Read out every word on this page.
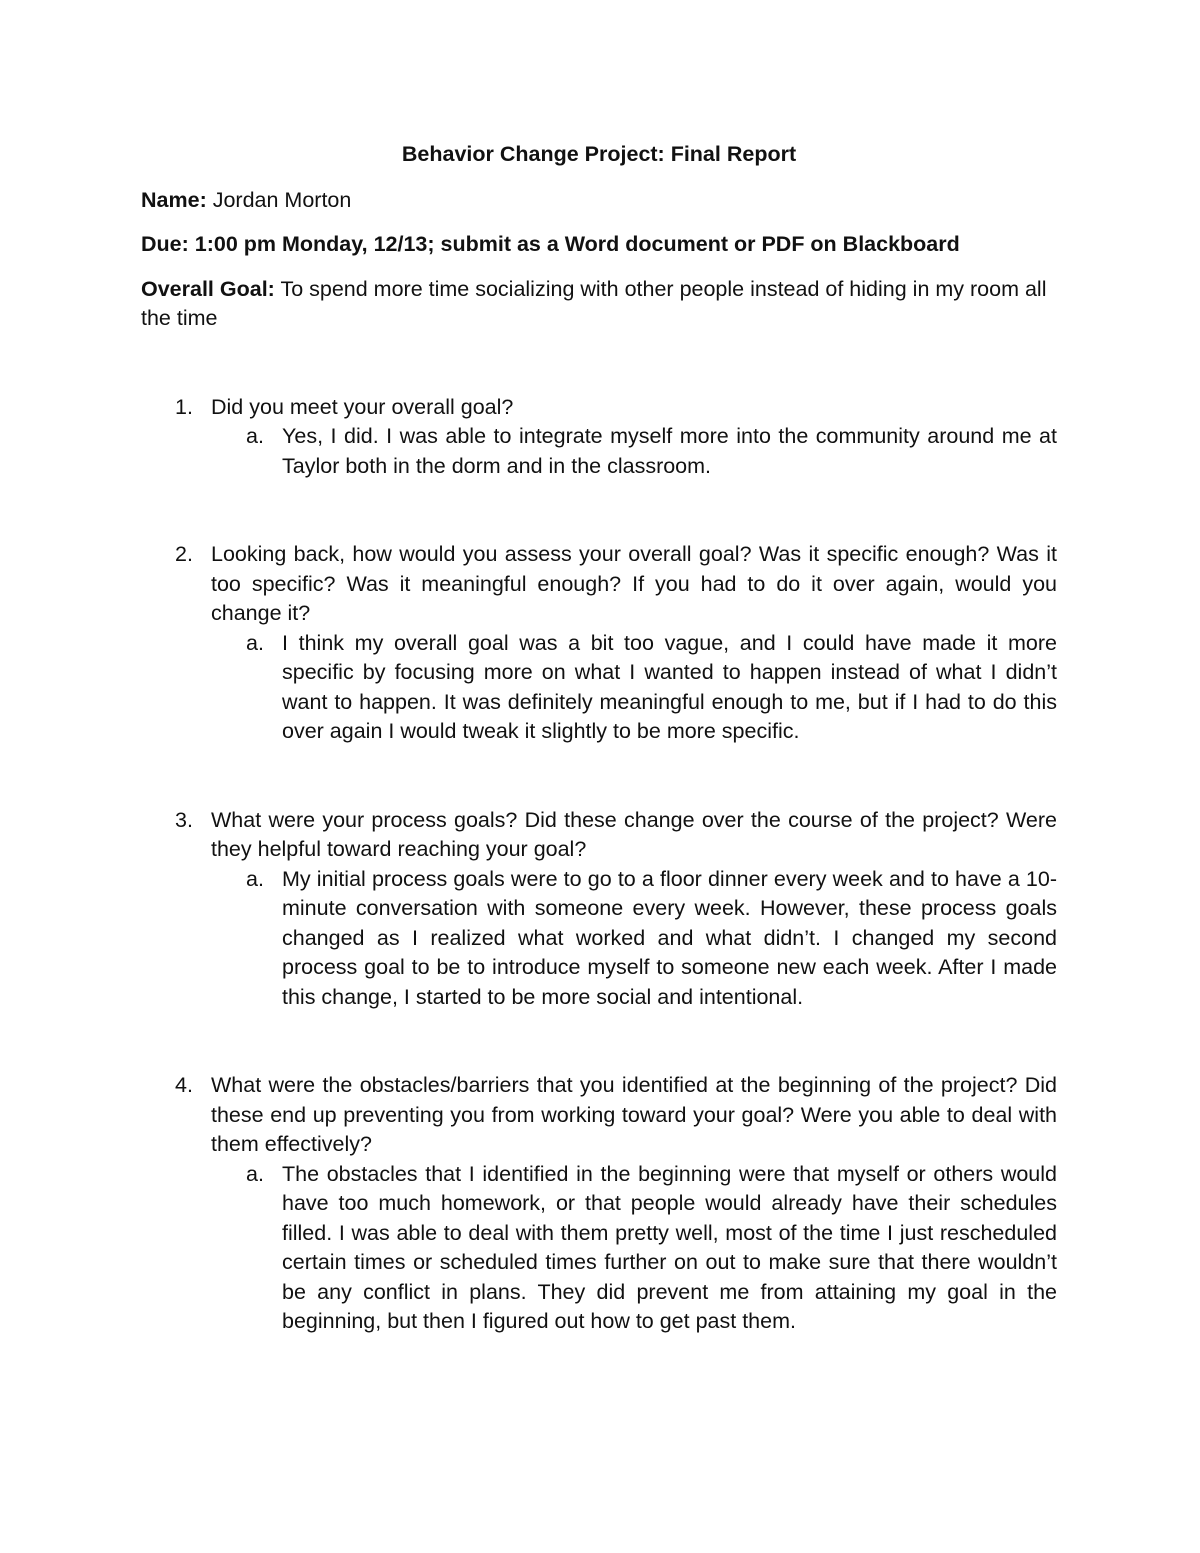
Behavior Change Project: Final Report
Name: Jordan Morton
Due: 1:00 pm Monday, 12/13; submit as a Word document or PDF on Blackboard
Overall Goal: To spend more time socializing with other people instead of hiding in my room all the time
1. Did you meet your overall goal?
a. Yes, I did. I was able to integrate myself more into the community around me at Taylor both in the dorm and in the classroom.
2. Looking back, how would you assess your overall goal? Was it specific enough? Was it too specific? Was it meaningful enough? If you had to do it over again, would you change it?
a. I think my overall goal was a bit too vague, and I could have made it more specific by focusing more on what I wanted to happen instead of what I didn’t want to happen. It was definitely meaningful enough to me, but if I had to do this over again I would tweak it slightly to be more specific.
3. What were your process goals? Did these change over the course of the project? Were they helpful toward reaching your goal?
a. My initial process goals were to go to a floor dinner every week and to have a 10-minute conversation with someone every week. However, these process goals changed as I realized what worked and what didn’t. I changed my second process goal to be to introduce myself to someone new each week. After I made this change, I started to be more social and intentional.
4. What were the obstacles/barriers that you identified at the beginning of the project? Did these end up preventing you from working toward your goal? Were you able to deal with them effectively?
a. The obstacles that I identified in the beginning were that myself or others would have too much homework, or that people would already have their schedules filled. I was able to deal with them pretty well, most of the time I just rescheduled certain times or scheduled times further on out to make sure that there wouldn’t be any conflict in plans. They did prevent me from attaining my goal in the beginning, but then I figured out how to get past them.
